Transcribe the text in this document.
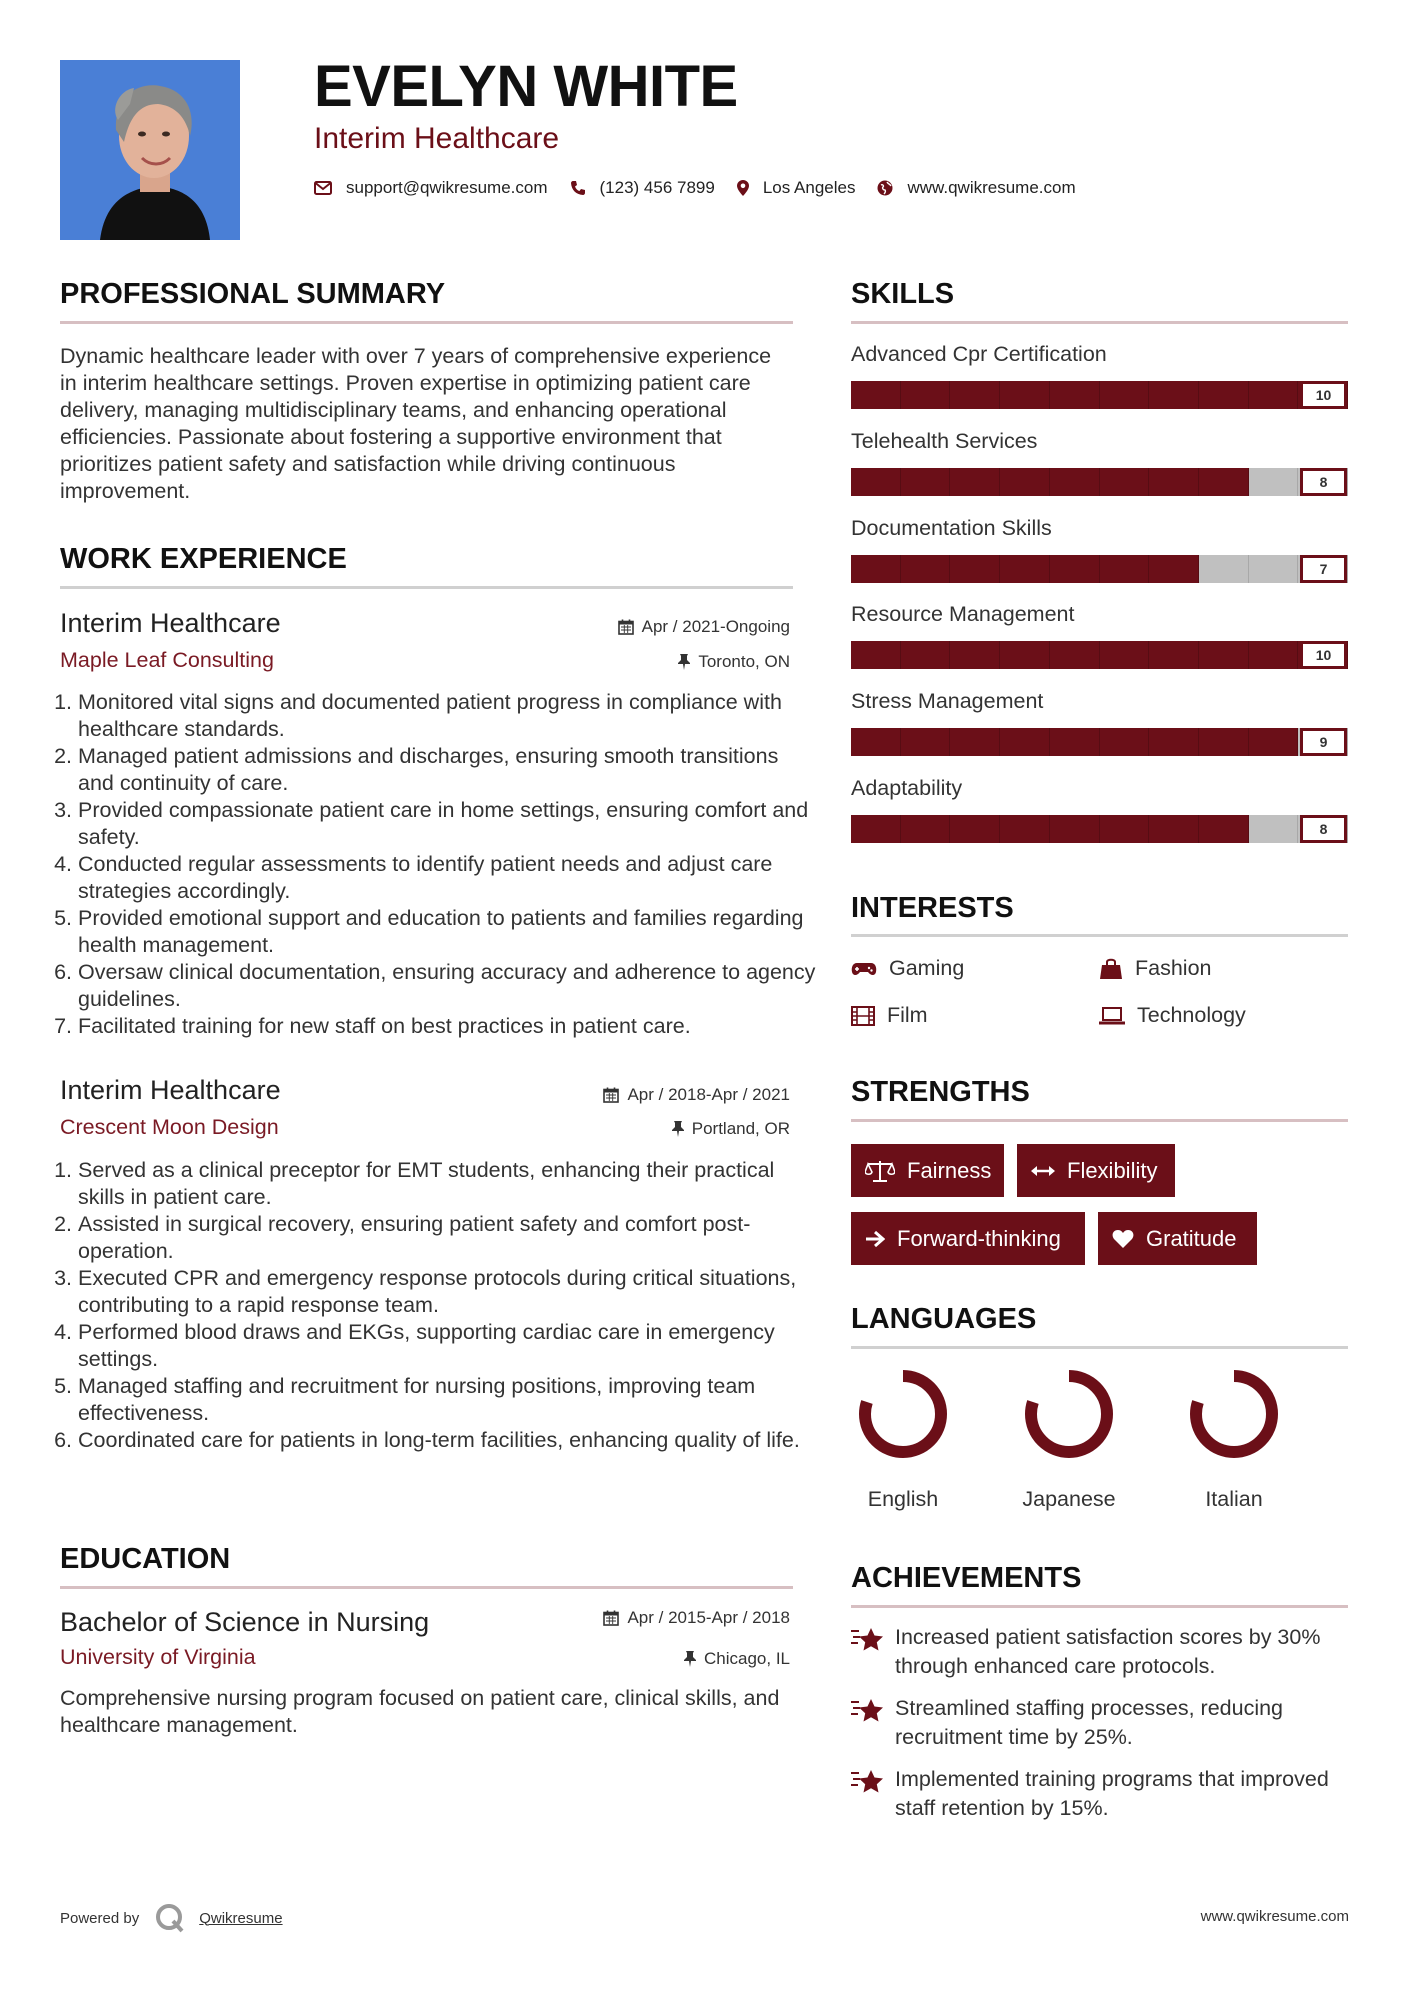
EVELYN WHITE
Interim Healthcare
support@qwikresume.com	(123) 456 7899	Los Angeles	www.qwikresume.com
PROFESSIONAL SUMMARY
Dynamic healthcare leader with over 7 years of comprehensive experience in interim healthcare settings. Proven expertise in optimizing patient care delivery, managing multidisciplinary teams, and enhancing operational efficiencies. Passionate about fostering a supportive environment that prioritizes patient safety and satisfaction while driving continuous improvement.
WORK EXPERIENCE
Interim Healthcare	Apr / 2021-Ongoing
Maple Leaf Consulting	Toronto, ON
1. Monitored vital signs and documented patient progress in compliance with healthcare standards.
2. Managed patient admissions and discharges, ensuring smooth transitions and continuity of care.
3. Provided compassionate patient care in home settings, ensuring comfort and safety.
4. Conducted regular assessments to identify patient needs and adjust care strategies accordingly.
5. Provided emotional support and education to patients and families regarding health management.
6. Oversaw clinical documentation, ensuring accuracy and adherence to agency guidelines.
7. Facilitated training for new staff on best practices in patient care.
Interim Healthcare	Apr / 2018-Apr / 2021
Crescent Moon Design	Portland, OR
1. Served as a clinical preceptor for EMT students, enhancing their practical skills in patient care.
2. Assisted in surgical recovery, ensuring patient safety and comfort post-operation.
3. Executed CPR and emergency response protocols during critical situations, contributing to a rapid response team.
4. Performed blood draws and EKGs, supporting cardiac care in emergency settings.
5. Managed staffing and recruitment for nursing positions, improving team effectiveness.
6. Coordinated care for patients in long-term facilities, enhancing quality of life.
EDUCATION
Bachelor of Science in Nursing	Apr / 2015-Apr / 2018
University of Virginia	Chicago, IL
Comprehensive nursing program focused on patient care, clinical skills, and healthcare management.
SKILLS
Advanced Cpr Certification
10
Telehealth Services
8
Documentation Skills
7
Resource Management
10
Stress Management
9
Adaptability
8
INTERESTS
Gaming	Fashion
Film	Technology
STRENGTHS
Fairness	Flexibility
Forward-thinking	Gratitude
LANGUAGES
English	Japanese	Italian
ACHIEVEMENTS
Increased patient satisfaction scores by 30% through enhanced care protocols.
Streamlined staffing processes, reducing recruitment time by 25%.
Implemented training programs that improved staff retention by 15%.
Powered by	Qwikresume	www.qwikresume.com
